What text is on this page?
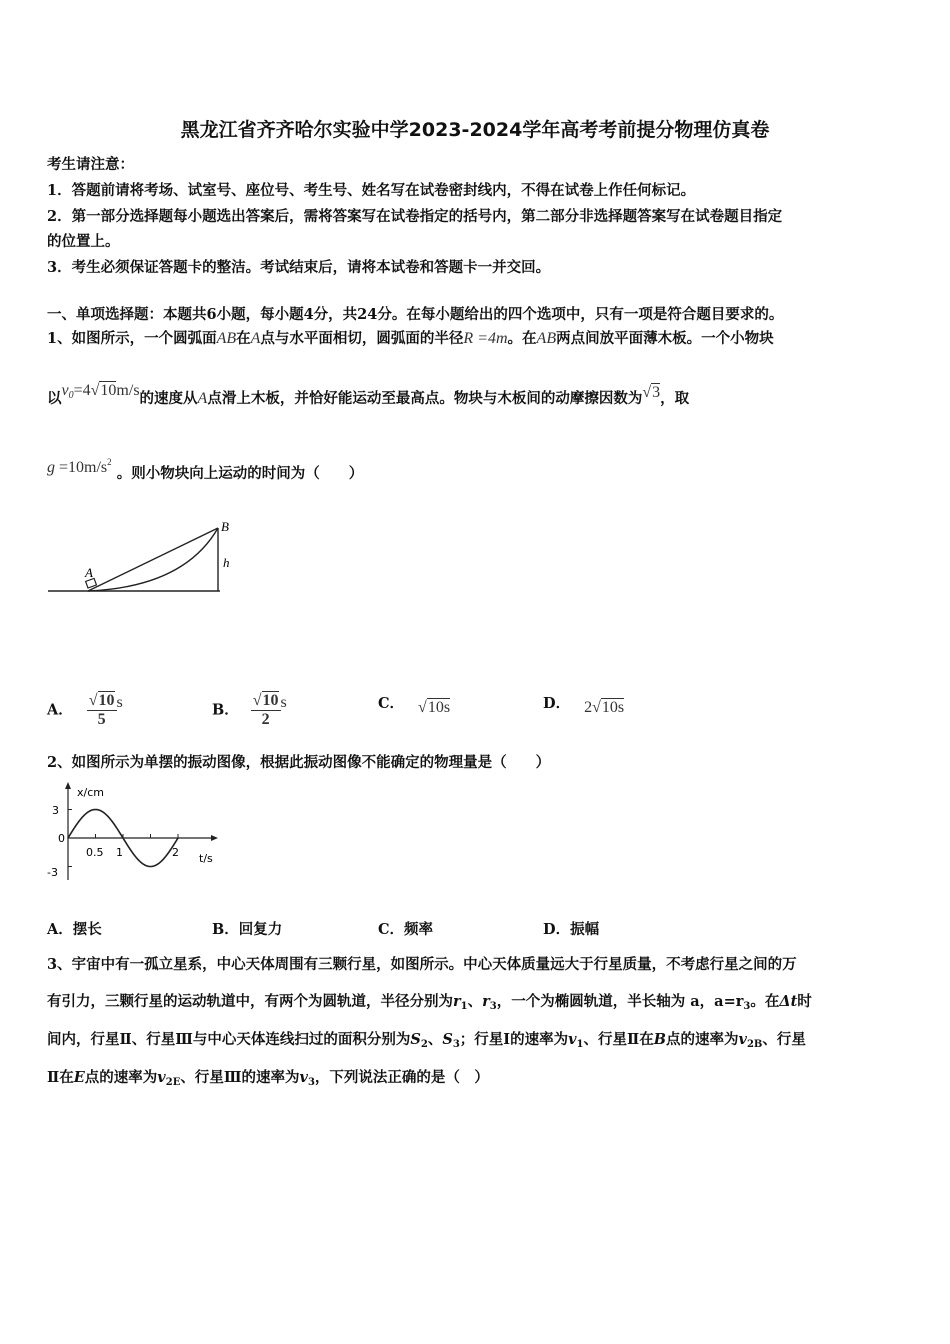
黑龙江省齐齐哈尔实验中学2023-2024学年高考考前提分物理仿真卷
考生请注意：
1．答题前请将考场、试室号、座位号、考生号、姓名写在试卷密封线内，不得在试卷上作任何标记。
2．第一部分选择题每小题选出答案后，需将答案写在试卷指定的括号内，第二部分非选择题答案写在试卷题目指定
的位置上。
3．考生必须保证答题卡的整洁。考试结束后，请将本试卷和答题卡一并交回。
一、单项选择题：本题共6小题，每小题4分，共24分。在每小题给出的四个选项中，只有一项是符合题目要求的。
1、如图所示，一个圆弧面AB在A点与水平面相切，圆弧面的半径R =4m。在AB两点间放平面薄木板。一个小物块
以$v_0=4√10m/s$的速度从A点滑上木板，并恰好能运动至最高点。物块与木板间的动摩擦因数为√3，取
$g =10m/s^2$ 。则小物块向上运动的时间为（　　）
A
B
h
A． $\frac{√10}{5}$ s	B． $\frac{√10}{2}$ s	C． √10s	D． 2√10s
2、如图所示为单摆的振动图像，根据此振动图像不能确定的物理量是（　　）
x/cm
t/s
3
0
-3
0.5 1	2
A．摆长	B．回复力	C．频率	D．振幅
3、宇宙中有一孤立星系，中心天体周围有三颗行星，如图所示。中心天体质量远大于行星质量，不考虑行星之间的万
有引力，三颗行星的运动轨道中，有两个为圆轨道，半径分别为$r_1$、$r_3$，一个为椭圆轨道，半长轴为 a，$a=r_3$。在Δt时
间内，行星Ⅱ、行星Ⅲ与中心天体连线扫过的面积分别为$S_2$、$S_3$；行星Ⅰ的速率为$v_1$、行星Ⅱ在B点的速率为$v_{2B}$、行星
Ⅱ在E点的速率为$v_{2E}$、行星Ⅲ的速率为$v_3$，下列说法正确的是（　）
